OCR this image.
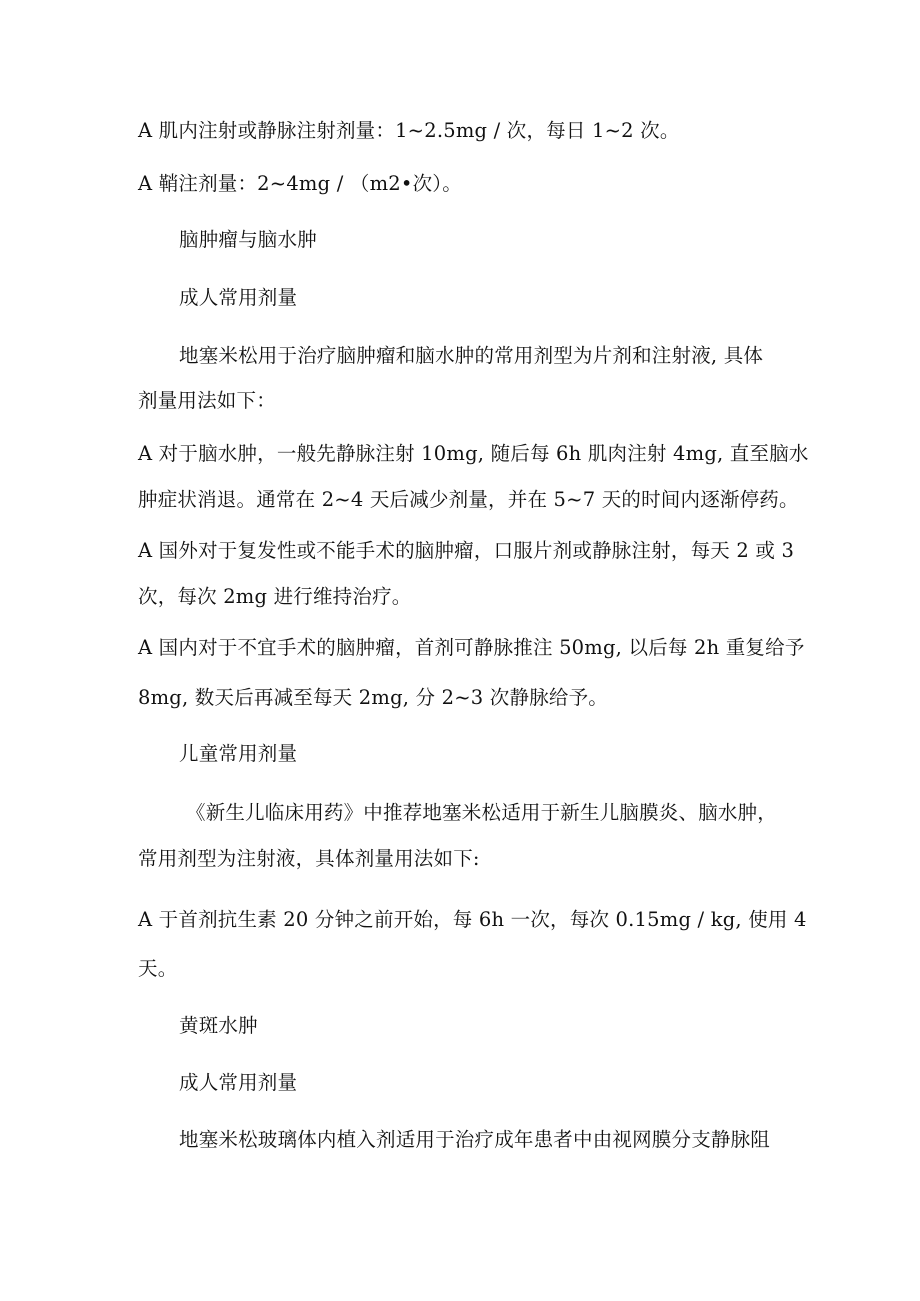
A 肌内注射或静脉注射剂量：1~2.5mg / 次，每日 1~2 次。

A 鞘注剂量：2~4mg / （m2•次）。

脑肿瘤与脑水肿

成人常用剂量

地塞米松用于治疗脑肿瘤和脑水肿的常用剂型为片剂和注射液, 具体

剂量用法如下：

A 对于脑水肿，一般先静脉注射 10mg, 随后每 6h 肌肉注射 4mg, 直至脑水

肿症状消退。通常在 2~4 天后减少剂量，并在 5~7 天的时间内逐渐停药。

A 国外对于复发性或不能手术的脑肿瘤，口服片剂或静脉注射，每天 2 或 3

次，每次 2mg 进行维持治疗。

A 国内对于不宜手术的脑肿瘤，首剂可静脉推注 50mg, 以后每 2h 重复给予

8mg, 数天后再减至每天 2mg, 分 2~3 次静脉给予。

儿童常用剂量

《新生儿临床用药》中推荐地塞米松适用于新生儿脑膜炎、脑水肿，

常用剂型为注射液，具体剂量用法如下:

A 于首剂抗生素 20 分钟之前开始，每 6h 一次，每次 0.15mg / kg, 使用 4

天。

黄斑水肿

成人常用剂量

地塞米松玻璃体内植入剂适用于治疗成年患者中由视网膜分支静脉阻
